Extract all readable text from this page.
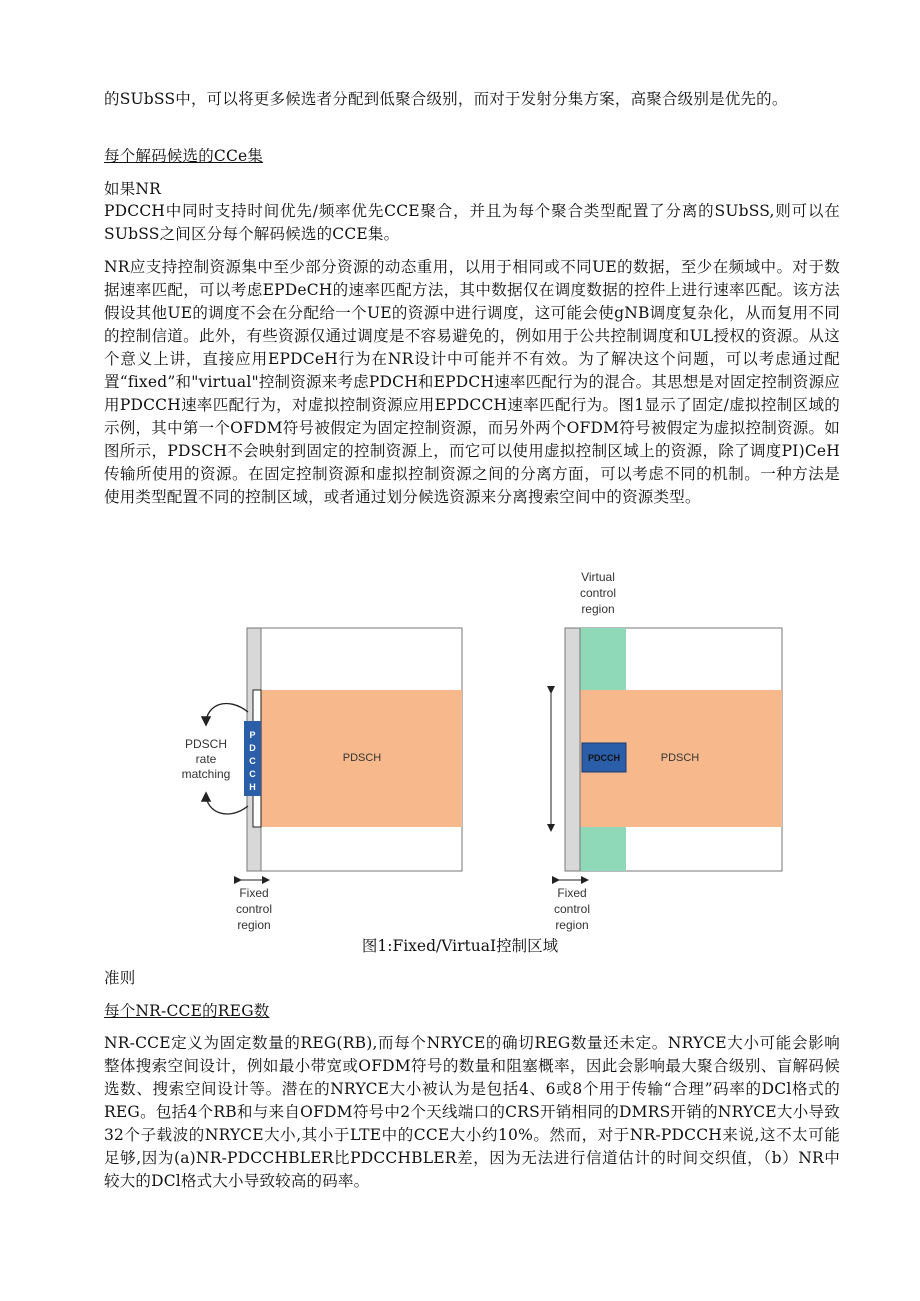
的SUbSS中，可以将更多候选者分配到低聚合级别，而对于发射分集方案，高聚合级别是优先的。

每个解码候选的CCe集

如果NR

PDCCH中同时支持时间优先/频率优先CCE聚合，并且为每个聚合类型配置了分离的SUbSS,则可以在SUbSS之间区分每个解码候选的CCE集。

NR应支持控制资源集中至少部分资源的动态重用，以用于相同或不同UE的数据，至少在频域中。对于数据速率匹配，可以考虑EPDeCH的速率匹配方法，其中数据仅在调度数据的控件上进行速率匹配。该方法假设其他UE的调度不会在分配给一个UE的资源中进行调度，这可能会使gNB调度复杂化，从而复用不同的控制信道。此外，有些资源仅通过调度是不容易避免的，例如用于公共控制调度和UL授权的资源。从这个意义上讲，直接应用EPDCeH行为在NR设计中可能并不有效。为了解决这个问题，可以考虑通过配置“fixed”和"virtual"控制资源来考虑PDCH和EPDCH速率匹配行为的混合。其思想是对固定控制资源应用PDCCH速率匹配行为，对虚拟控制资源应用EPDCCH速率匹配行为。图1显示了固定/虚拟控制区域的示例，其中第一个OFDM符号被假定为固定控制资源，而另外两个OFDM符号被假定为虚拟控制资源。如图所示，PDSCH不会映射到固定的控制资源上，而它可以使用虚拟控制区域上的资源，除了调度PI)CeH传输所使用的资源。在固定控制资源和虚拟控制资源之间的分离方面，可以考虑不同的机制。一种方法是使用类型配置不同的控制区域，或者通过划分候选资源来分离搜索空间中的资源类型。

P
D
C
C
H
PDSCH
PDSCH
rate
matching
Fixed
control
region
Virtual
control
region
PDCCH	PDSCH
Fixed
control
region
图1:Fixed/VirtuaI控制区域

准则

每个NR-CCE的REG数

NR-CCE定义为固定数量的REG(RB),而每个NRYCE的确切REG数量还未定。NRYCE大小可能会影响整体搜索空间设计，例如最小带宽或OFDM符号的数量和阻塞概率，因此会影响最大聚合级别、盲解码候选数、搜索空间设计等。潜在的NRYCE大小被认为是包括4、6或8个用于传输“合理”码率的DCl格式的REG。包括4个RB和与来自OFDM符号中2个天线端口的CRS开销相同的DMRS开销的NRYCE大小导致32个子载波的NRYCE大小,其小于LTE中的CCE大小约10%。然而，对于NR-PDCCH来说,这不太可能足够,因为(a)NR-PDCCHBLER比PDCCHBLER差，因为无法进行信道估计的时间交织值，（b）NR中较大的DCl格式大小导致较高的码率。
